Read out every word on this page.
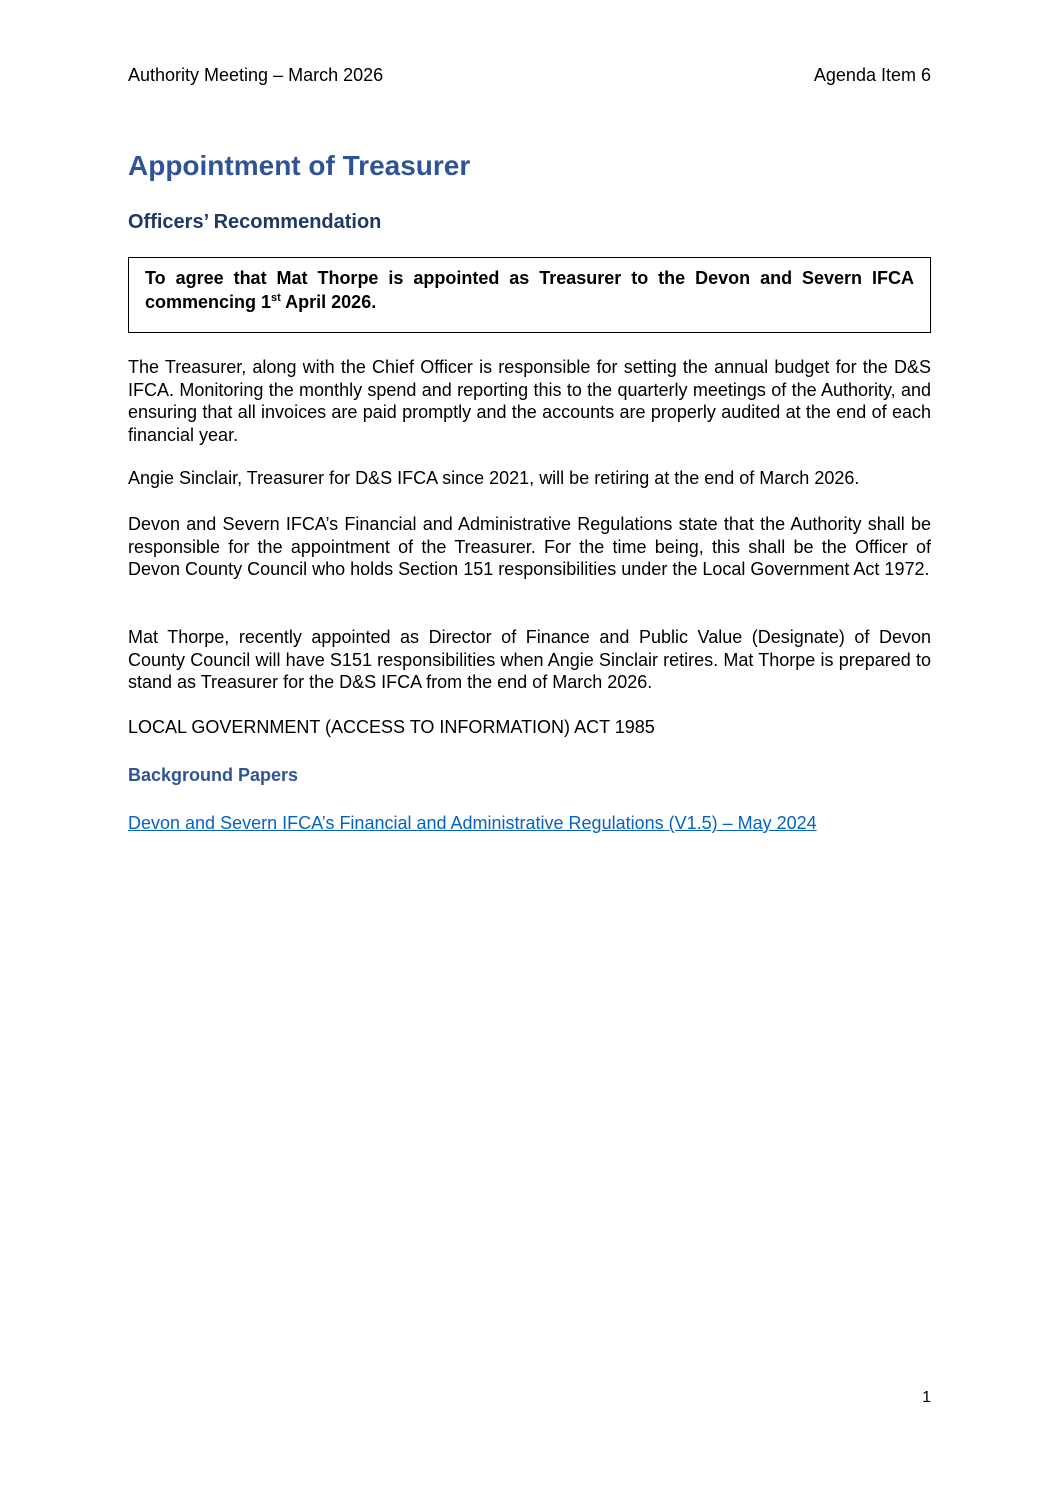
Authority Meeting – March 2026	Agenda Item 6
Appointment of Treasurer
Officers’ Recommendation
To agree that Mat Thorpe is appointed as Treasurer to the Devon and Severn IFCA commencing 1st April 2026.

The Treasurer, along with the Chief Officer is responsible for setting the annual budget for the D&S IFCA. Monitoring the monthly spend and reporting this to the quarterly meetings of the Authority, and ensuring that all invoices are paid promptly and the accounts are properly audited at the end of each financial year.

Angie Sinclair, Treasurer for D&S IFCA since 2021, will be retiring at the end of March 2026.

Devon and Severn IFCA’s Financial and Administrative Regulations state that the Authority shall be responsible for the appointment of the Treasurer. For the time being, this shall be the Officer of Devon County Council who holds Section 151 responsibilities under the Local Government Act 1972.

Mat Thorpe, recently appointed as Director of Finance and Public Value (Designate) of Devon County Council will have S151 responsibilities when Angie Sinclair retires. Mat Thorpe is prepared to stand as Treasurer for the D&S IFCA from the end of March 2026.

LOCAL GOVERNMENT (ACCESS TO INFORMATION) ACT 1985

Background Papers
Devon and Severn IFCA’s Financial and Administrative Regulations (V1.5) – May 2024
1
